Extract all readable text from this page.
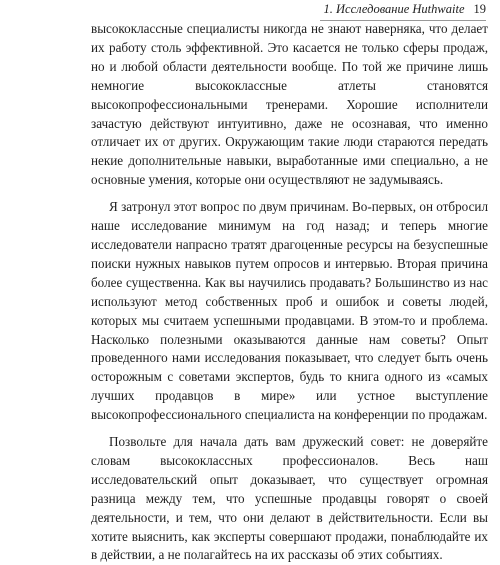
1. Исследование Huthwaite 19

высококлассные специалисты никогда не знают наверняка, что делает их работу столь эффективной. Это касается не только сферы продаж, но и любой области деятельности вообще. По той же причине лишь немногие высококлассные атлеты становятся высокопрофессиональными тренерами. Хорошие исполнители зачастую действуют интуитивно, даже не осознавая, что именно отличает их от других. Окружающим такие люди стараются передать некие дополнительные навыки, выработанные ими специально, а не основные умения, которые они осуществляют не задумываясь.

Я затронул этот вопрос по двум причинам. Во-первых, он отбросил наше исследование минимум на год назад; и теперь многие исследователи напрасно тратят драгоценные ресурсы на безуспешные поиски нужных навыков путем опросов и интервью. Вторая причина более существенна. Как вы научились продавать? Большинство из нас используют метод собственных проб и ошибок и советы людей, которых мы считаем успешными продавцами. В этом-то и проблема. Насколько полезными оказываются данные нам советы? Опыт проведенного нами исследования показывает, что следует быть очень осторожным с советами экспертов, будь то книга одного из «самых лучших продавцов в мире» или устное выступление высокопрофессионального специалиста на конференции по продажам.

Позвольте для начала дать вам дружеский совет: не доверяйте словам высококлассных профессионалов. Весь наш исследовательский опыт доказывает, что существует огромная разница между тем, что успешные продавцы говорят о своей деятельности, и тем, что они делают в действительности. Если вы хотите выяснить, как эксперты совершают продажи, понаблюдайте их в действии, а не полагайтесь на их рассказы об этих событиях.
